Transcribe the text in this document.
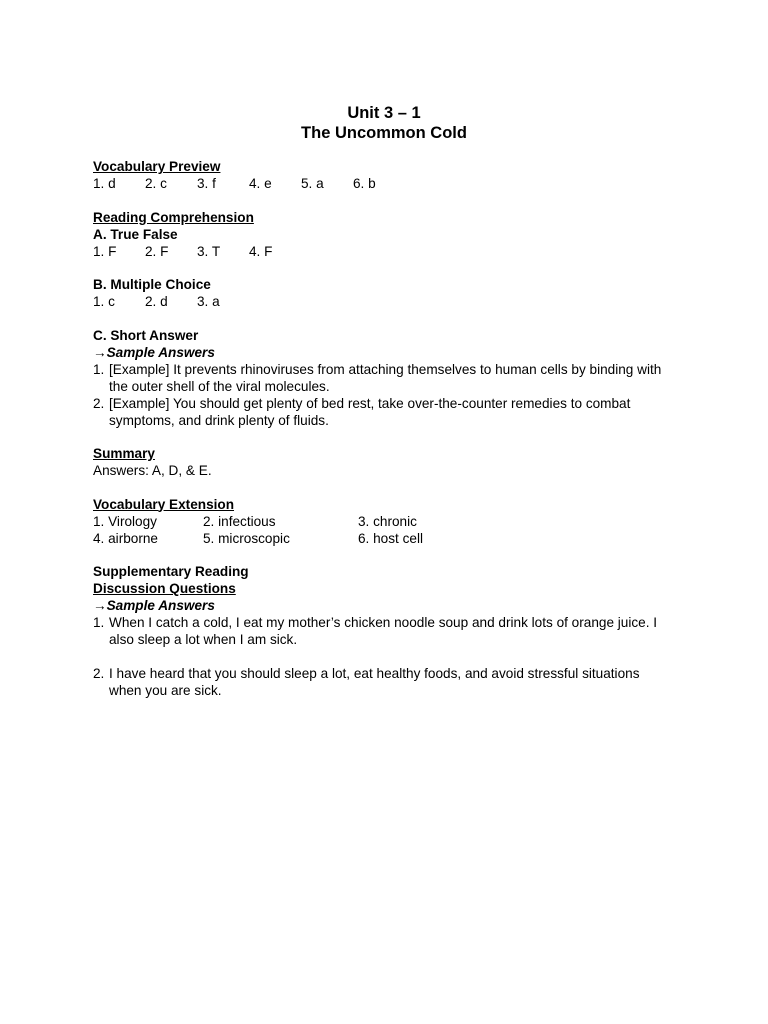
Unit 3 – 1
The Uncommon Cold
Vocabulary Preview
1. d	2. c	3. f	4. e	5. a	6. b
Reading Comprehension
A. True False
1. F	2. F	3. T	4. F
B. Multiple Choice
1. c	2. d	3. a
C. Short Answer
→Sample Answers
1. [Example] It prevents rhinoviruses from attaching themselves to human cells by binding with the outer shell of the viral molecules.
2. [Example] You should get plenty of bed rest, take over-the-counter remedies to combat symptoms, and drink plenty of fluids.
Summary
Answers: A, D, & E.
Vocabulary Extension
1. Virology	2. infectious	3. chronic
4. airborne	5. microscopic	6. host cell
Supplementary Reading
Discussion Questions
→Sample Answers
1. When I catch a cold, I eat my mother’s chicken noodle soup and drink lots of orange juice. I also sleep a lot when I am sick.
2. I have heard that you should sleep a lot, eat healthy foods, and avoid stressful situations when you are sick.
